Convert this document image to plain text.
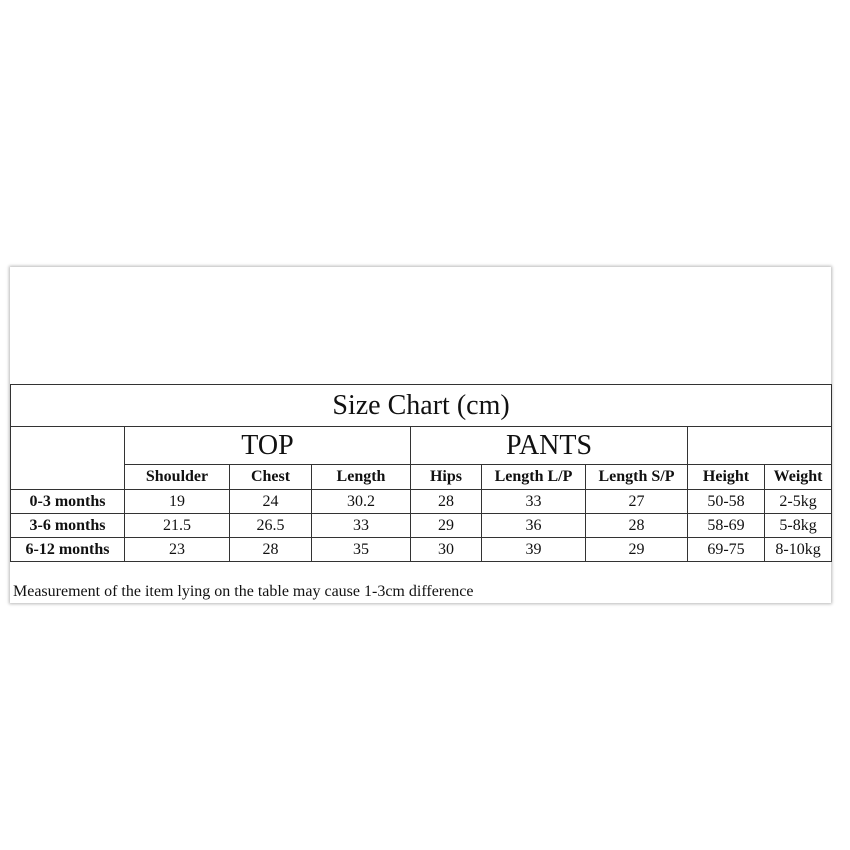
Size Chart (cm)								
	TOP			PANTS				
	Shoulder	Chest	Length	Hips	Length L/P	Length S/P	Height	Weight
0-3 months	19	24	30.2	28	33	27	50-58	2-5kg
3-6 months	21.5	26.5	33	29	36	28	58-69	5-8kg
6-12 months	23	28	35	30	39	29	69-75	8-10kg
Measurement of the item lying on the table may cause 1-3cm difference
